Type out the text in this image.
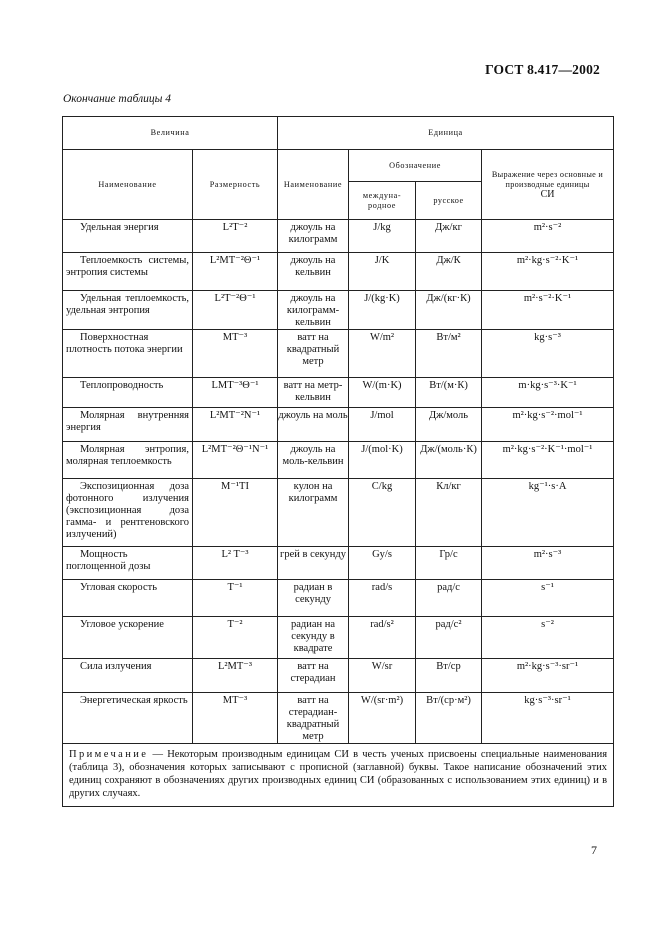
ГОСТ 8.417—2002
Окончание таблицы 4
Величина		Единица			
Наименование	Размерность	Наименование	Обозначение		Выражение через основные и производные единицы
СИ
			междуна-родное	русское	
Удельная энергия	L²T⁻²	джоуль на килограмм	J/kg	Дж/кг	m²·s⁻²
Теплоемкость системы, энтропия системы	L²MT⁻²Θ⁻¹	джоуль на кельвин	J/K	Дж/К	m²·kg·s⁻²·K⁻¹
Удельная теплоемкость, удельная энтропия	L²T⁻²Θ⁻¹	джоуль на килограмм-кельвин	J/(kg·K)	Дж/(кг·К)	m²·s⁻²·K⁻¹
Поверхностная плотность потока энергии	MT⁻³	ватт на квадратный метр	W/m²	Вт/м²	kg·s⁻³
Теплопроводность	LMT⁻³Θ⁻¹	ватт на метр-кельвин	W/(m·K)	Вт/(м·К)	m·kg·s⁻³·K⁻¹
Молярная внутренняя энергия	L²MT⁻²N⁻¹	джоуль на моль	J/mol	Дж/моль	m²·kg·s⁻²·mol⁻¹
Молярная энтропия, молярная теплоемкость	L²MT⁻²Θ⁻¹N⁻¹	джоуль на моль-кельвин	J/(mol·K)	Дж/(моль·К)	m²·kg·s⁻²·K⁻¹·mol⁻¹
Экспозиционная доза фотонного излучения (экспозиционная доза гамма- и рентгеновского излучений)	M⁻¹TI	кулон на килограмм	C/kg	Кл/кг	kg⁻¹·s·A
Мощность поглощенной дозы	L² T⁻³	грей в секунду	Gy/s	Гр/с	m²·s⁻³
Угловая скорость	T⁻¹	радиан в секунду	rad/s	рад/с	s⁻¹
Угловое ускорение	T⁻²	радиан на секунду в квадрате	rad/s²	рад/с²	s⁻²
Сила излучения	L²MT⁻³	ватт на стерадиан	W/sr	Вт/ср	m²·kg·s⁻³·sr⁻¹
Энергетическая яркость	MT⁻³	ватт на стерадиан-квадратный метр	W/(sr·m²)	Вт/(ср·м²)	kg·s⁻³·sr⁻¹
Примечание — Некоторым производным единицам СИ в честь ученых присвоены специальные наименования (таблица 3), обозначения которых записывают с прописной (заглавной) буквы. Такое написание обозначений этих единиц сохраняют в обозначениях других производных единиц СИ (образованных с использованием этих единиц) и в других случаях.					
7
